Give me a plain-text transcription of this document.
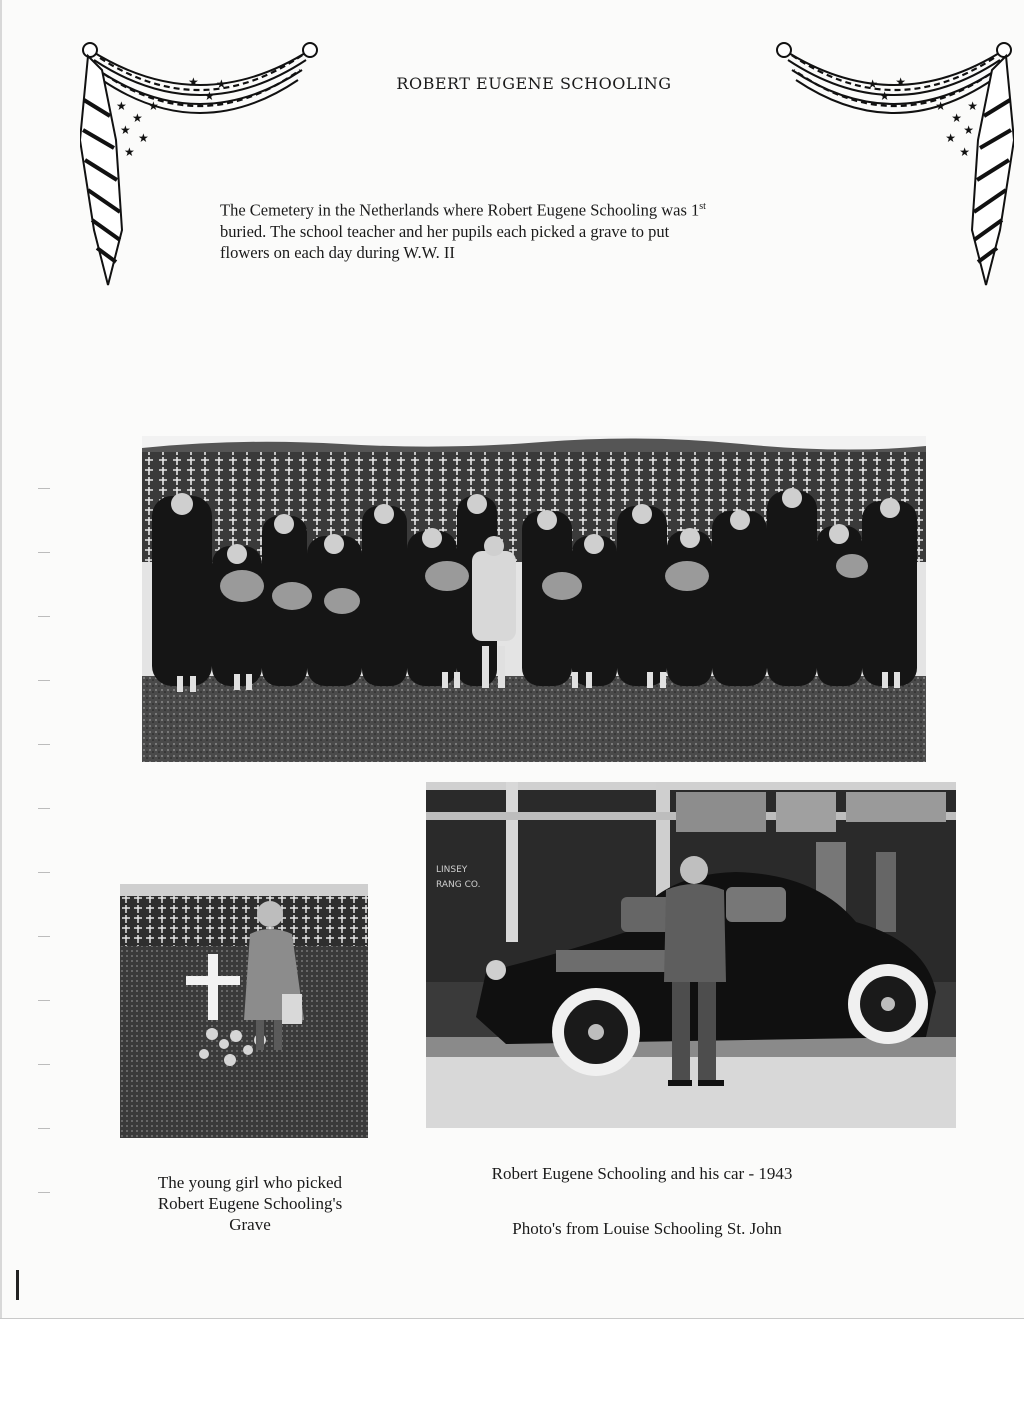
★
★
★
★
★
★
★
★
★
★
★
★
★
★
★
★
★
★
ROBERT EUGENE SCHOOLING
The Cemetery in the Netherlands where Robert Eugene Schooling was 1st
buried. The school teacher and her pupils each picked a grave to put
flowers on each day during W.W. II
LINSEY
RANG CO.
The young girl who picked
Robert Eugene Schooling's
Grave
Robert Eugene Schooling and his car - 1943
Photo's from Louise Schooling St. John
